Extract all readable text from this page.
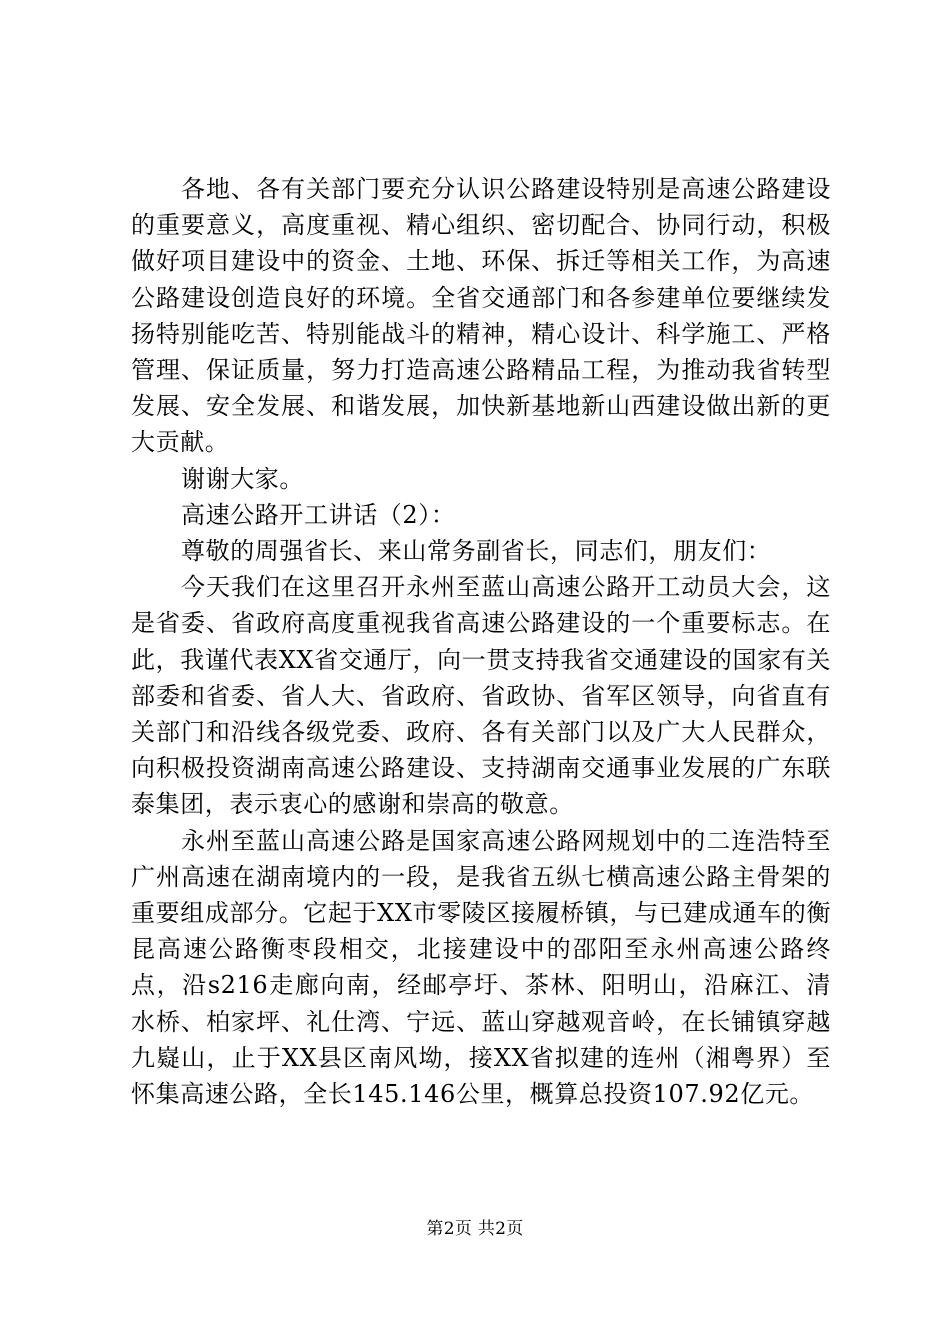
各地、各有关部门要充分认识公路建设特别是高速公路建设的重要意义，高度重视、精心组织、密切配合、协同行动，积极做好项目建设中的资金、土地、环保、拆迁等相关工作，为高速公路建设创造良好的环境。全省交通部门和各参建单位要继续发扬特别能吃苦、特别能战斗的精神，精心设计、科学施工、严格管理、保证质量，努力打造高速公路精品工程，为推动我省转型发展、安全发展、和谐发展，加快新基地新山西建设做出新的更大贡献。

谢谢大家。

高速公路开工讲话（2）：

尊敬的周强省长、来山常务副省长，同志们，朋友们：

今天我们在这里召开永州至蓝山高速公路开工动员大会，这是省委、省政府高度重视我省高速公路建设的一个重要标志。在此，我谨代表XX省交通厅，向一贯支持我省交通建设的国家有关部委和省委、省人大、省政府、省政协、省军区领导，向省直有关部门和沿线各级党委、政府、各有关部门以及广大人民群众，向积极投资湖南高速公路建设、支持湖南交通事业发展的广东联泰集团，表示衷心的感谢和崇高的敬意。

永州至蓝山高速公路是国家高速公路网规划中的二连浩特至广州高速在湖南境内的一段，是我省五纵七横高速公路主骨架的重要组成部分。它起于XX市零陵区接履桥镇，与已建成通车的衡昆高速公路衡枣段相交，北接建设中的邵阳至永州高速公路终点，沿s216走廊向南，经邮亭圩、茶林、阳明山，沿麻江、清水桥、柏家坪、礼仕湾、宁远、蓝山穿越观音岭，在长铺镇穿越九嶷山，止于XX县区南风坳，接XX省拟建的连州（湘粤界）至怀集高速公路，全长145.146公里，概算总投资107.92亿元。

第2页 共2页
